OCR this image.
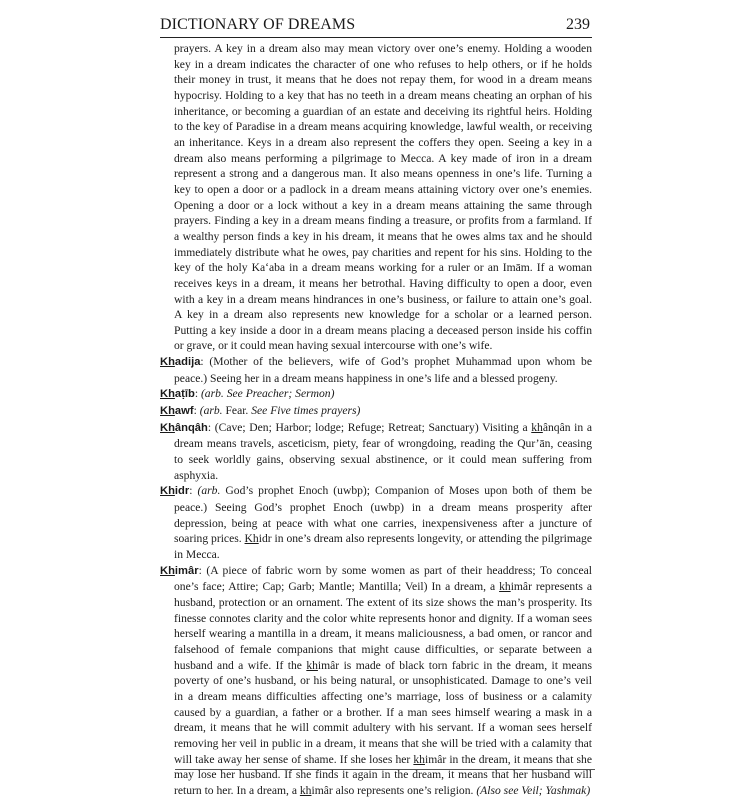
DICTIONARY OF DREAMS	239

prayers. A key in a dream also may mean victory over one’s enemy. Holding a wooden key in a dream indicates the character of one who refuses to help others, or if he holds their money in trust, it means that he does not repay them, for wood in a dream means hypocrisy. Holding to a key that has no teeth in a dream means cheating an orphan of his inheritance, or becoming a guardian of an estate and deceiving its rightful heirs. Holding to the key of Paradise in a dream means acquiring knowledge, lawful wealth, or receiving an inheritance. Keys in a dream also represent the coffers they open. Seeing a key in a dream also means performing a pilgrimage to Mecca. A key made of iron in a dream represent a strong and a dangerous man. It also means openness in one’s life. Turning a key to open a door or a padlock in a dream means attaining victory over one’s enemies. Opening a door or a lock without a key in a dream means attaining the same through prayers. Finding a key in a dream means finding a treasure, or profits from a farmland. If a wealthy person finds a key in his dream, it means that he owes alms tax and he should immediately distribute what he owes, pay charities and repent for his sins. Holding to the key of the holy Ka‘aba in a dream means working for a ruler or an Imām. If a woman receives keys in a dream, it means her betrothal. Having difficulty to open a door, even with a key in a dream means hindrances in one’s business, or failure to attain one’s goal. A key in a dream also represents new knowledge for a scholar or a learned person. Putting a key inside a door in a dream means placing a deceased person inside his coffin or grave, or it could mean having sexual intercourse with one’s wife.

Khadija: (Mother of the believers, wife of God’s prophet Muhammad upon whom be peace.) Seeing her in a dream means happiness in one’s life and a blessed progeny.

Khaṭīb: (arb. See Preacher; Sermon)

Khawf: (arb. Fear. See Five times prayers)

Khânqâh: (Cave; Den; Harbor; lodge; Refuge; Retreat; Sanctuary) Visiting a khânqân in a dream means travels, asceticism, piety, fear of wrongdoing, reading the Qur’ān, ceasing to seek worldly gains, observing sexual abstinence, or it could mean suffering from asphyxia.

Khidr: (arb. God’s prophet Enoch (uwbp); Companion of Moses upon both of them be peace.) Seeing God’s prophet Enoch (uwbp) in a dream means prosperity after depression, being at peace with what one carries, inexpensiveness after a juncture of soaring prices. Khidr in one’s dream also represents longevity, or attending the pilgrimage in Mecca.

Khimâr: (A piece of fabric worn by some women as part of their headdress; To conceal one’s face; Attire; Cap; Garb; Mantle; Mantilla; Veil) In a dream, a khimâr represents a husband, protection or an ornament. The extent of its size shows the man’s prosperity. Its finesse connotes clarity and the color white represents honor and dignity. If a woman sees herself wearing a mantilla in a dream, it means maliciousness, a bad omen, or rancor and falsehood of female companions that might cause difficulties, or separate between a husband and a wife. If the khimâr is made of black torn fabric in the dream, it means poverty of one’s husband, or his being natural, or unsophisticated. Damage to one’s veil in a dream means difficulties affecting one’s marriage, loss of business or a calamity caused by a guardian, a father or a brother. If a man sees himself wearing a mask in a dream, it means that he will commit adultery with his servant. If a woman sees herself removing her veil in public in a dream, it means that she will be tried with a calamity that will take away her sense of shame. If she loses her khimâr in the dream, it means that she may lose her husband. If she finds it again in the dream, it means that her husband will return to her. In a dream, a khimâr also represents one’s religion. (Also see Veil; Yashmak)
